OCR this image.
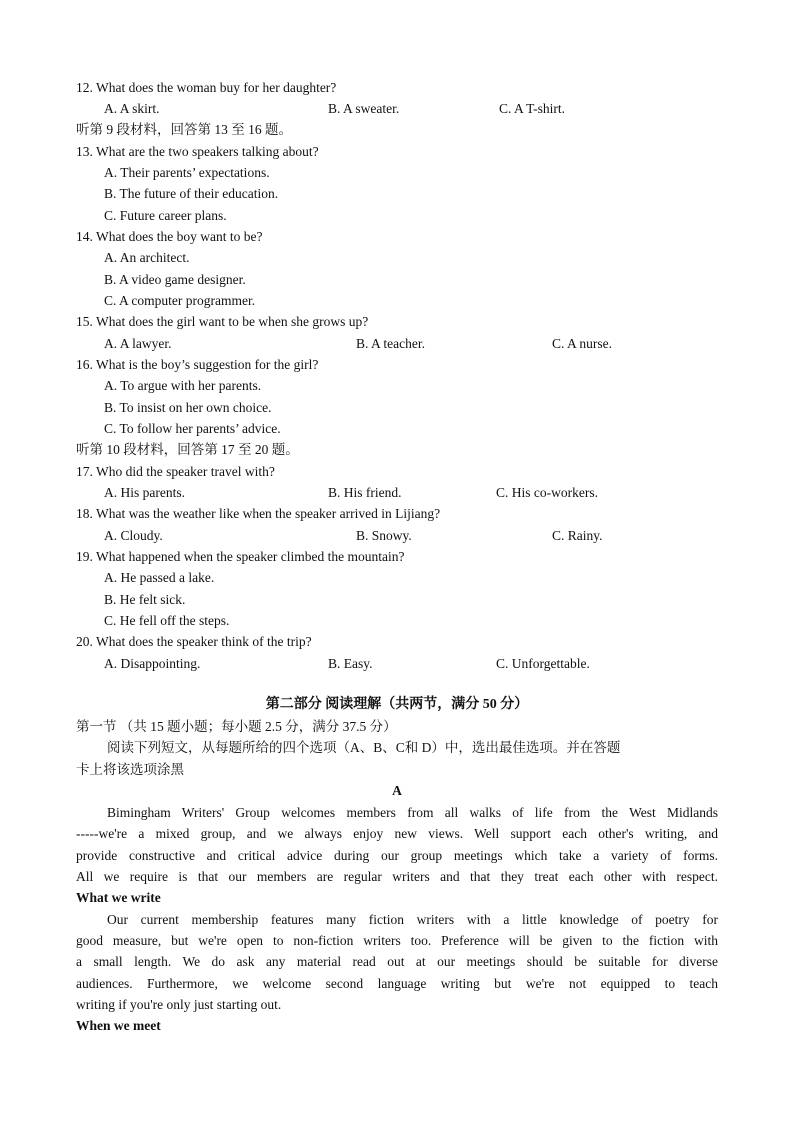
12. What does the woman buy for her daughter?
A. A skirt.	B. A sweater.	C. A T-shirt.
听第 9 段材料，回答第 13 至 16 题。
13. What are the two speakers talking about?
A. Their parents’ expectations.
B. The future of their education.
C. Future career plans.
14. What does the boy want to be?
A. An architect.
B. A video game designer.
C. A computer programmer.
15. What does the girl want to be when she grows up?
A. A lawyer.	B. A teacher.	C. A nurse.
16. What is the boy’s suggestion for the girl?
A. To argue with her parents.
B. To insist on her own choice.
C. To follow her parents’ advice.
听第 10 段材料，回答第 17 至 20 题。
17. Who did the speaker travel with?
A. His parents.	B. His friend.	C. His co-workers.
18. What was the weather like when the speaker arrived in Lijiang?
A. Cloudy.	B. Snowy.	C. Rainy.
19. What happened when the speaker climbed the mountain?
A. He passed a lake.
B. He felt sick.
C. He fell off the steps.
20. What does the speaker think of the trip?
A. Disappointing.	B. Easy.	C. Unforgettable.
第二部分 阅读理解（共两节，满分 50 分）
第一节 （共 15 题小题；每小题 2.5 分，满分 37.5 分）
阅读下列短文，从每题所给的四个选项（A、B、C和 D）中，选出最佳选项。并在答题
卡上将该选项涂黑
A
Bimingham Writers' Group welcomes members from all walks of life from the West Midlands
-----we're a mixed group, and we always enjoy new views. Well support each other's writing, and
provide constructive and critical advice during our group meetings which take a variety of forms.
All we require is that our members are regular writers and that they treat each other with respect.
What we write
Our current membership features many fiction writers with a little knowledge of poetry for
good measure, but we're open to non-fiction writers too. Preference will be given to the fiction with
a small length. We do ask any material read out at our meetings should be suitable for diverse
audiences. Furthermore, we welcome second language writing but we're not equipped to teach
writing if you're only just starting out.
When we meet
